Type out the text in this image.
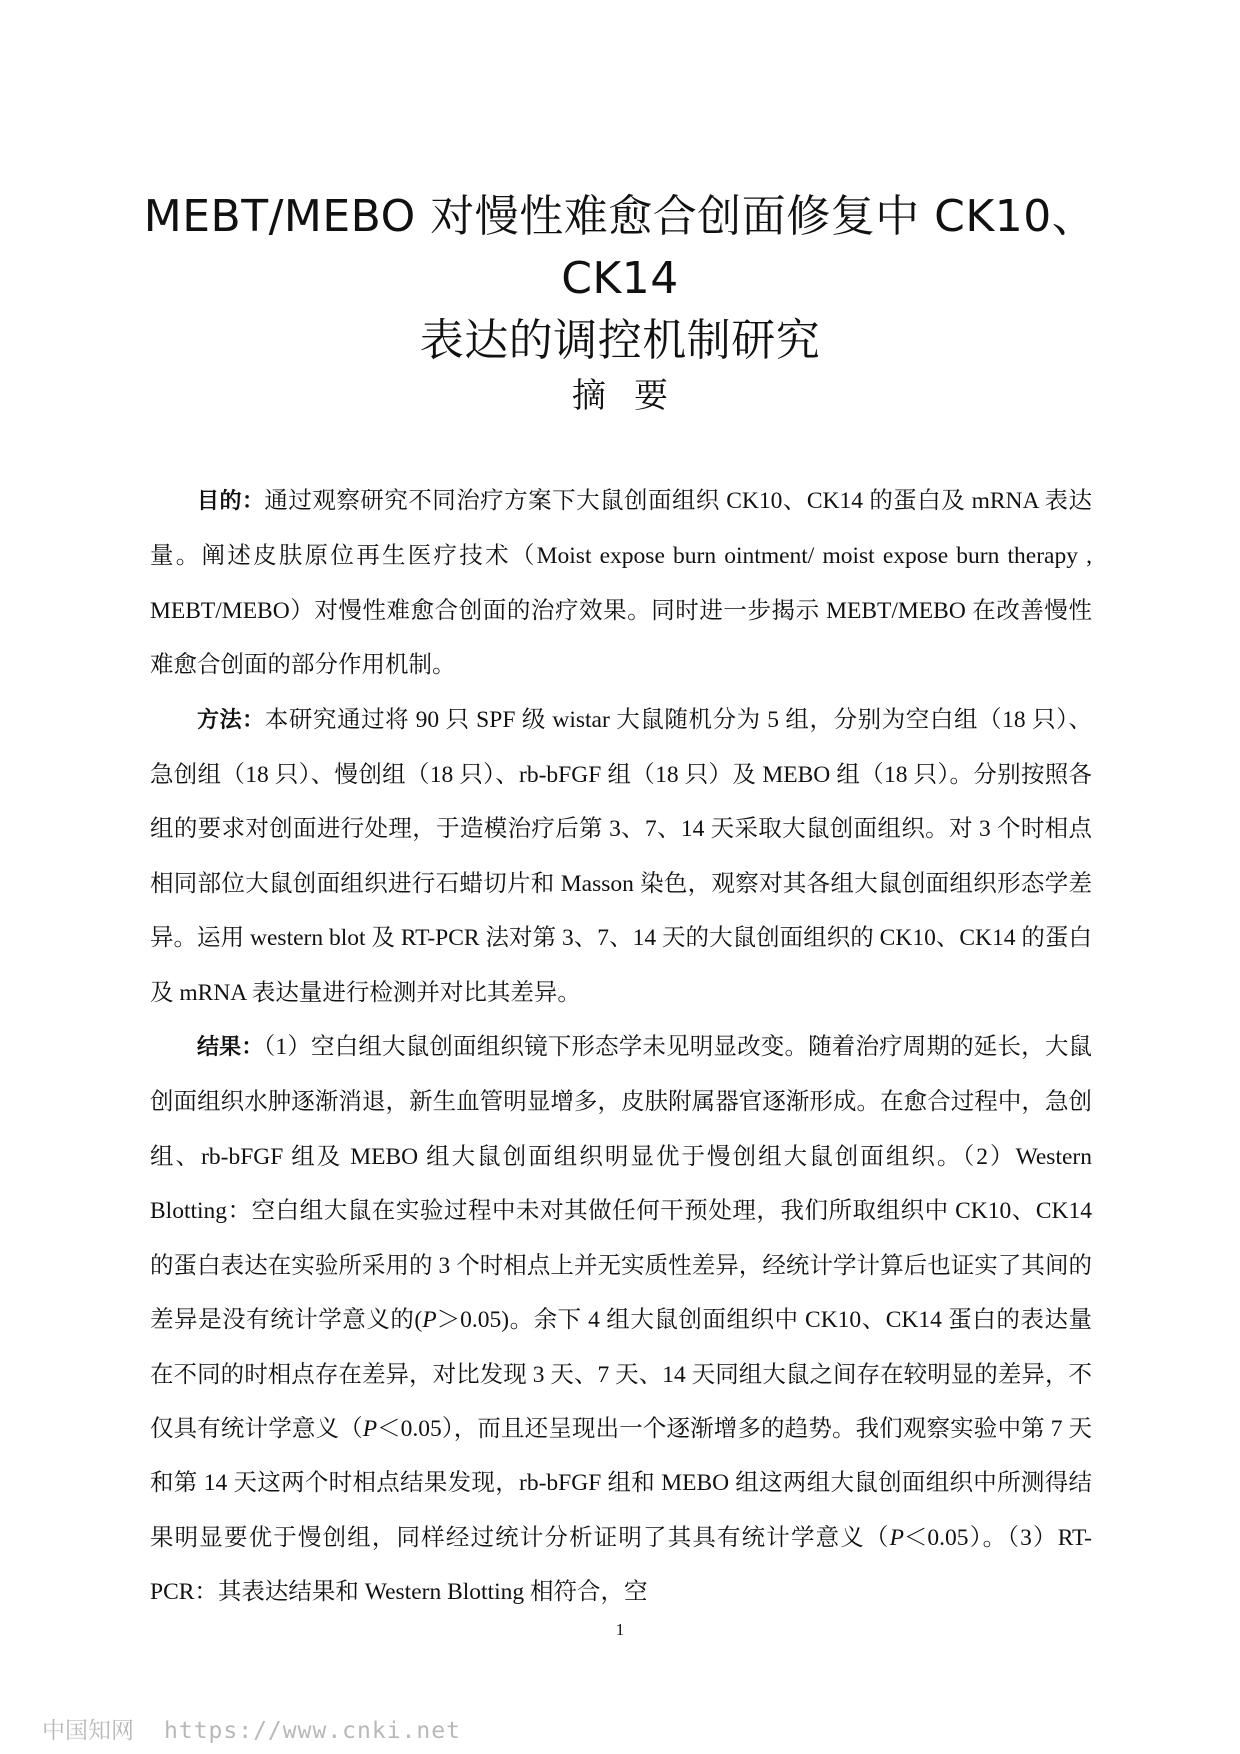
MEBT/MEBO 对慢性难愈合创面修复中 CK10、CK14
表达的调控机制研究
摘要

目的：通过观察研究不同治疗方案下大鼠创面组织 CK10、CK14 的蛋白及 mRNA 表达量。阐述皮肤原位再生医疗技术（Moist expose burn ointment/ moist expose burn therapy , MEBT/MEBO）对慢性难愈合创面的治疗效果。同时进一步揭示 MEBT/MEBO 在改善慢性难愈合创面的部分作用机制。

方法：本研究通过将 90 只 SPF 级 wistar 大鼠随机分为 5 组，分别为空白组（18 只）、急创组（18 只）、慢创组（18 只）、rb-bFGF 组（18 只）及 MEBO 组（18 只）。分别按照各组的要求对创面进行处理，于造模治疗后第 3、7、14 天采取大鼠创面组织。对 3 个时相点相同部位大鼠创面组织进行石蜡切片和 Masson 染色，观察对其各组大鼠创面组织形态学差异。运用 western blot 及 RT-PCR 法对第 3、7、14 天的大鼠创面组织的 CK10、CK14 的蛋白及 mRNA 表达量进行检测并对比其差异。

结果：（1）空白组大鼠创面组织镜下形态学未见明显改变。随着治疗周期的延长，大鼠创面组织水肿逐渐消退，新生血管明显增多，皮肤附属器官逐渐形成。在愈合过程中，急创组、rb-bFGF 组及 MEBO 组大鼠创面组织明显优于慢创组大鼠创面组织。（2）Western Blotting：空白组大鼠在实验过程中未对其做任何干预处理，我们所取组织中 CK10、CK14 的蛋白表达在实验所采用的 3 个时相点上并无实质性差异，经统计学计算后也证实了其间的差异是没有统计学意义的(P＞0.05)。余下 4 组大鼠创面组织中 CK10、CK14 蛋白的表达量在不同的时相点存在差异，对比发现 3 天、7 天、14 天同组大鼠之间存在较明显的差异，不仅具有统计学意义（P＜0.05），而且还呈现出一个逐渐增多的趋势。我们观察实验中第 7 天和第 14 天这两个时相点结果发现，rb-bFGF 组和 MEBO 组这两组大鼠创面组织中所测得结果明显要优于慢创组，同样经过统计分析证明了其具有统计学意义（P＜0.05）。（3）RT-PCR：其表达结果和 Western Blotting 相符合，空

1
中国知网 https://www.cnki.net
